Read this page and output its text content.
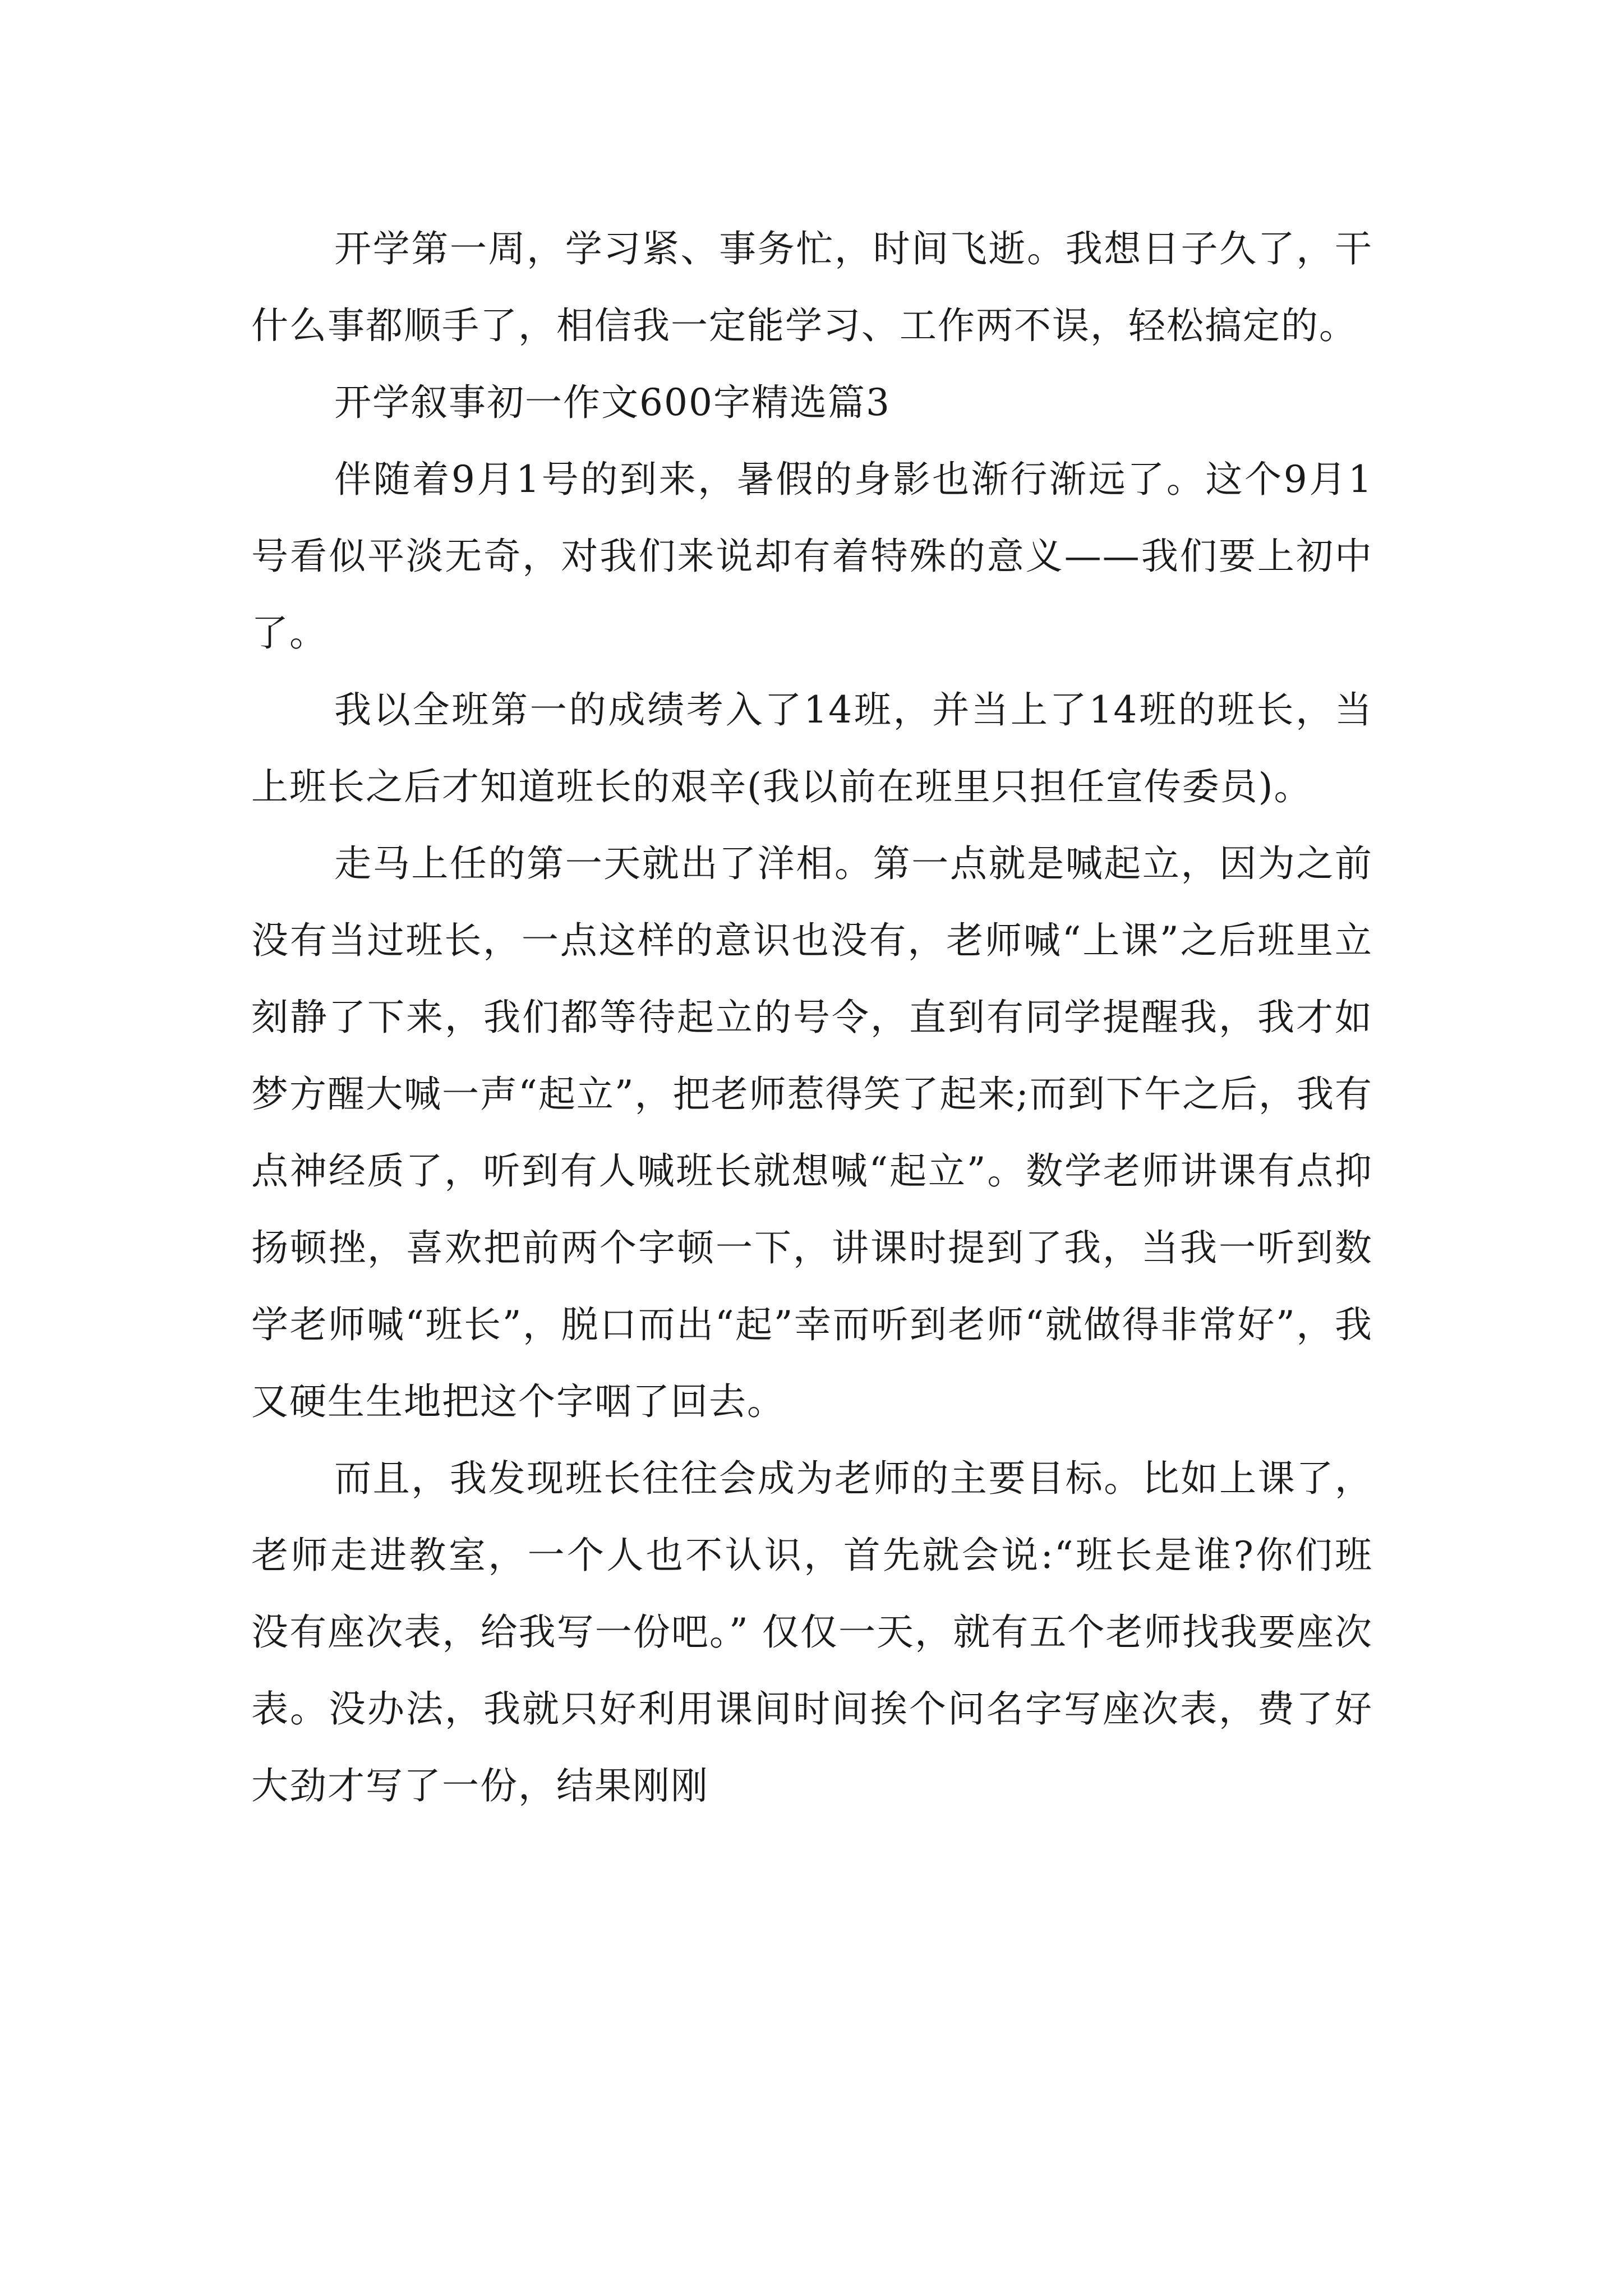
开学第一周，学习紧、事务忙，时间飞逝。我想日子久了，干什么事都顺手了，相信我一定能学习、工作两不误，轻松搞定的。

开学叙事初一作文600字精选篇3

伴随着9月1号的到来，暑假的身影也渐行渐远了。这个9月1号看似平淡无奇，对我们来说却有着特殊的意义——我们要上初中了。

我以全班第一的成绩考入了14班，并当上了14班的班长，当上班长之后才知道班长的艰辛(我以前在班里只担任宣传委员)。

走马上任的第一天就出了洋相。第一点就是喊起立，因为之前没有当过班长，一点这样的意识也没有，老师喊“上课”之后班里立刻静了下来，我们都等待起立的号令，直到有同学提醒我，我才如梦方醒大喊一声“起立”，把老师惹得笑了起来;而到下午之后，我有点神经质了，听到有人喊班长就想喊“起立”。数学老师讲课有点抑扬顿挫，喜欢把前两个字顿一下，讲课时提到了我，当我一听到数学老师喊“班长”，脱口而出“起”幸而听到老师“就做得非常好”，我又硬生生地把这个字咽了回去。

而且，我发现班长往往会成为老师的主要目标。比如上课了，老师走进教室，一个人也不认识，首先就会说:“班长是谁?你们班没有座次表，给我写一份吧。” 仅仅一天，就有五个老师找我要座次表。没办法，我就只好利用课间时间挨个问名字写座次表，费了好大劲才写了一份，结果刚刚
